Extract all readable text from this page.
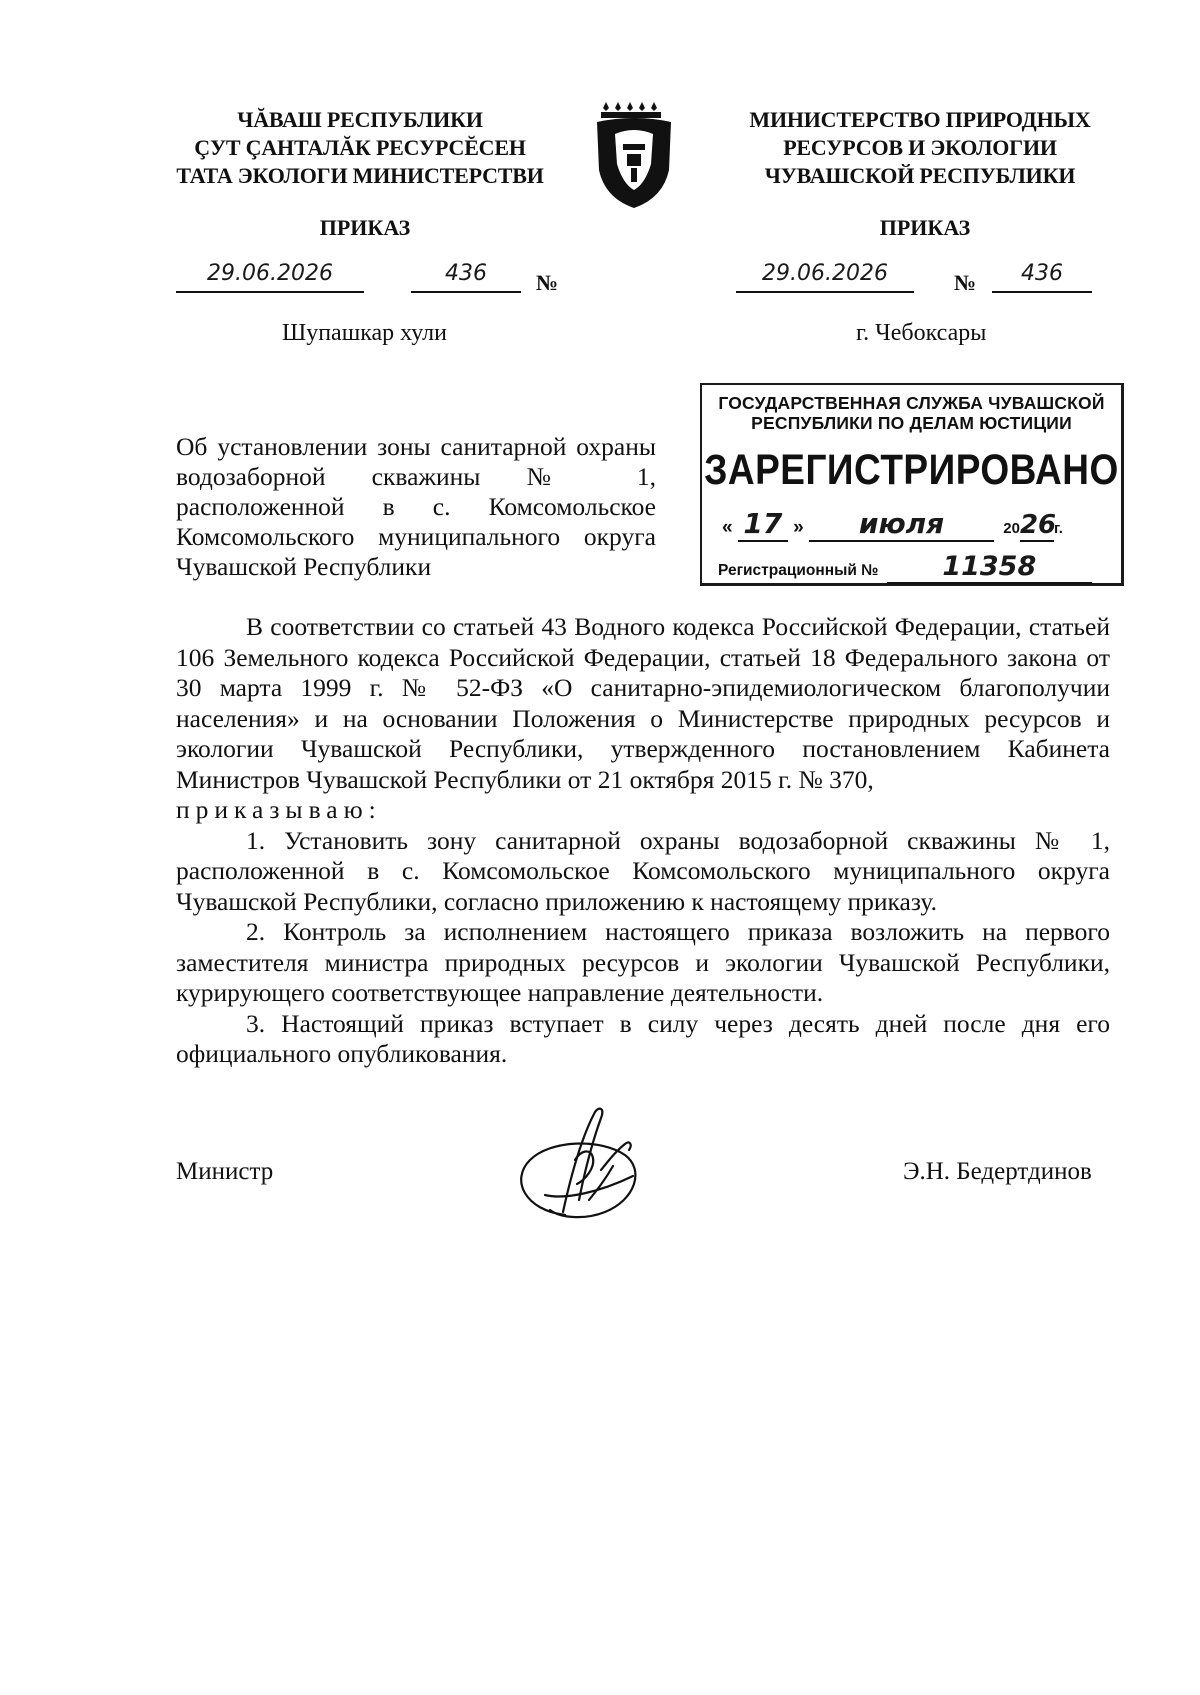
ЧĂВАШ РЕСПУБЛИКИ
ÇУТ ÇАНТАЛĂК РЕСУРСĔСЕН
ТАТА ЭКОЛОГИ МИНИСТЕРСТВИ
МИНИСТЕРСТВО ПРИРОДНЫХ
РЕСУРСОВ И ЭКОЛОГИИ
ЧУВАШСКОЙ РЕСПУБЛИКИ
ПРИКАЗ	ПРИКАЗ
29.06.2026	436	№	29.06.2026	№	436
Шупашкар хули	г. Чебоксары
ГОСУДАРСТВЕННАЯ СЛУЖБА ЧУВАШСКОЙ
РЕСПУБЛИКИ ПО ДЕЛАМ ЮСТИЦИИ
ЗАРЕГИСТРИРОВАНО
« 17 » июля	2026г.
Регистрационный № 11358
Об установлении зоны санитарной охраны водозаборной скважины № 1, расположенной в с. Комсомольское Комсомольского муниципального округа Чувашской Республики

В соответствии со статьей 43 Водного кодекса Российской Федерации, статьей 106 Земельного кодекса Российской Федерации, статьей 18 Федерального закона от 30 марта 1999 г. № 52-ФЗ «О санитарно-эпидемиологическом благополучии населения» и на основании Положения о Министерстве природных ресурсов и экологии Чувашской Республики, утвержденного постановлением Кабинета Министров Чувашской Республики от 21 октября 2015 г. № 370,

приказываю:

1. Установить зону санитарной охраны водозаборной скважины № 1, расположенной в с. Комсомольское Комсомольского муниципального округа Чувашской Республики, согласно приложению к настоящему приказу.

2. Контроль за исполнением настоящего приказа возложить на первого заместителя министра природных ресурсов и экологии Чувашской Республики, курирующего соответствующее направление деятельности.

3. Настоящий приказ вступает в силу через десять дней после дня его официального опубликования.

Министр	Э.Н. Бедертдинов
